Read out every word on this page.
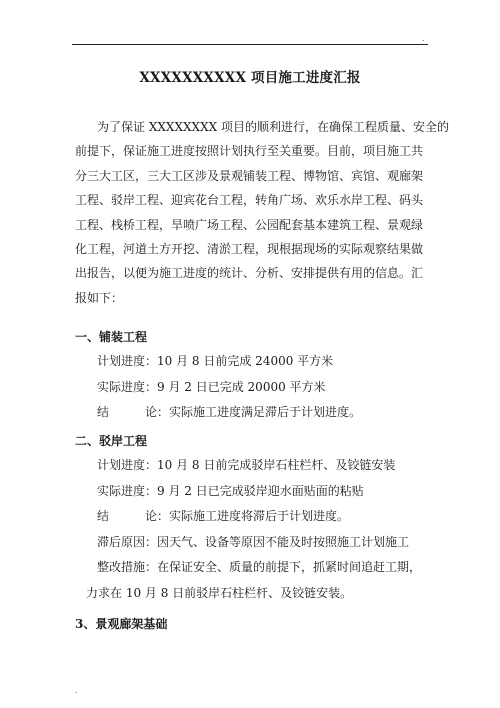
.
XXXXXXXXXX 项目施工进度汇报
为了保证 XXXXXXXX 项目的顺利进行，在确保工程质量、安全的
前提下，保证施工进度按照计划执行至关重要。目前，项目施工共
分三大工区，三大工区涉及景观铺装工程、博物馆、宾馆、观廊架
工程、驳岸工程、迎宾花台工程，转角广场、欢乐水岸工程、码头
工程、栈桥工程，旱喷广场工程、公园配套基本建筑工程、景观绿
化工程，河道土方开挖、清淤工程，现根据现场的实际观察结果做
出报告，以便为施工进度的统计、分析、安排提供有用的信息。汇
报如下：
一、铺装工程
计划进度：10 月 8 日前完成 24000 平方米
实际进度：9 月 2 日已完成 20000 平方米
结	论：实际施工进度满足滞后于计划进度。
二、驳岸工程
计划进度：10 月 8 日前完成驳岸石柱栏杆、及铰链安装
实际进度：9 月 2 日已完成驳岸迎水面贴面的粘贴
结	论：实际施工进度将滞后于计划进度。
滞后原因：因天气、设备等原因不能及时按照施工计划施工
整改措施：在保证安全、质量的前提下，抓紧时间追赶工期，
力求在 10 月 8 日前驳岸石柱栏杆、及铰链安装。
3、景观廊架基础
.
